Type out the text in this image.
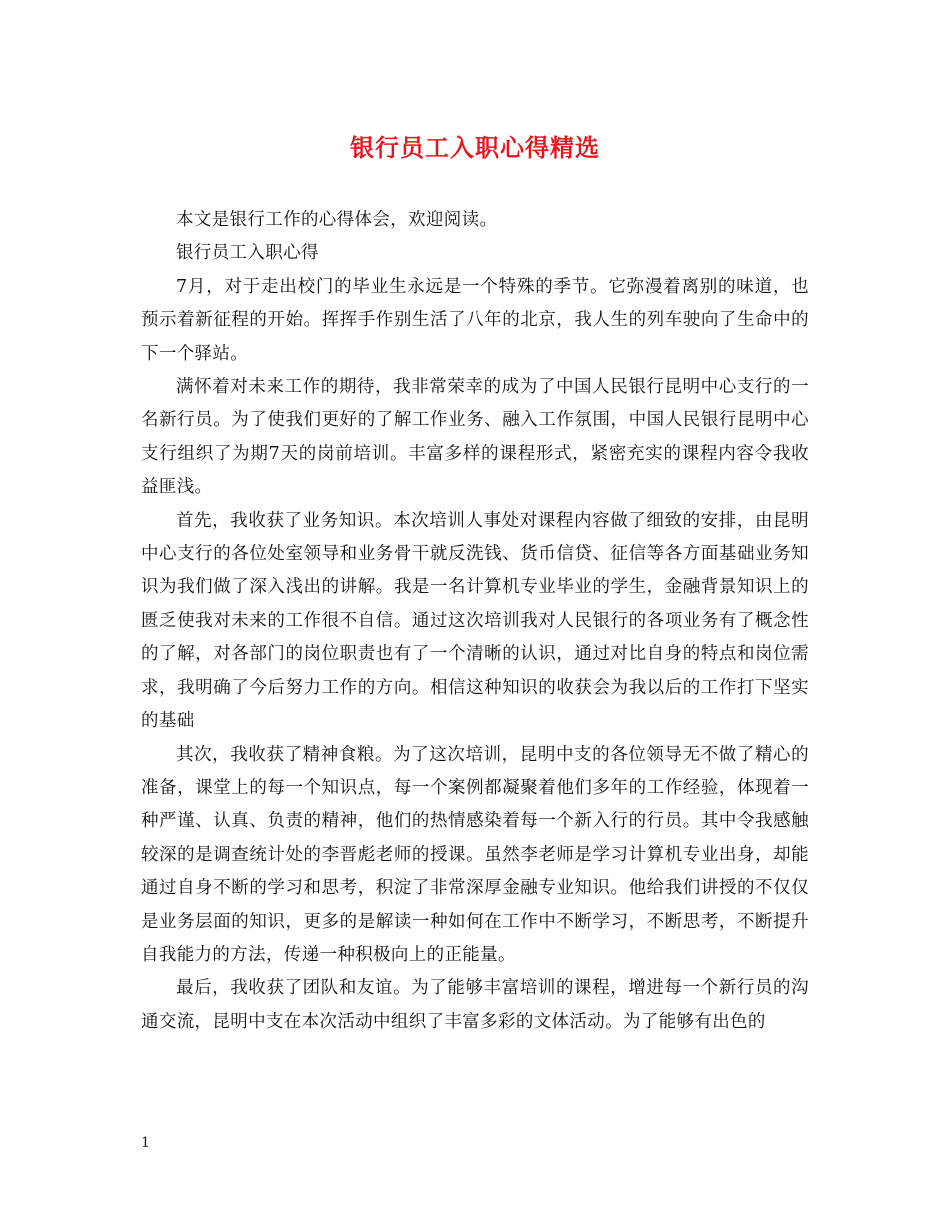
银行员工入职心得精选

本文是银行工作的心得体会，欢迎阅读。

银行员工入职心得

7月，对于走出校门的毕业生永远是一个特殊的季节。它弥漫着离别的味道，也预示着新征程的开始。挥挥手作别生活了八年的北京，我人生的列车驶向了生命中的下一个驿站。

满怀着对未来工作的期待，我非常荣幸的成为了中国人民银行昆明中心支行的一名新行员。为了使我们更好的了解工作业务、融入工作氛围，中国人民银行昆明中心支行组织了为期7天的岗前培训。丰富多样的课程形式，紧密充实的课程内容令我收益匪浅。

首先，我收获了业务知识。本次培训人事处对课程内容做了细致的安排，由昆明中心支行的各位处室领导和业务骨干就反洗钱、货币信贷、征信等各方面基础业务知识为我们做了深入浅出的讲解。我是一名计算机专业毕业的学生，金融背景知识上的匮乏使我对未来的工作很不自信。通过这次培训我对人民银行的各项业务有了概念性的了解，对各部门的岗位职责也有了一个清晰的认识，通过对比自身的特点和岗位需求，我明确了今后努力工作的方向。相信这种知识的收获会为我以后的工作打下坚实的基础

其次，我收获了精神食粮。为了这次培训，昆明中支的各位领导无不做了精心的准备，课堂上的每一个知识点，每一个案例都凝聚着他们多年的工作经验，体现着一种严谨、认真、负责的精神，他们的热情感染着每一个新入行的行员。其中令我感触较深的是调查统计处的李晋彪老师的授课。虽然李老师是学习计算机专业出身，却能通过自身不断的学习和思考，积淀了非常深厚金融专业知识。他给我们讲授的不仅仅是业务层面的知识，更多的是解读一种如何在工作中不断学习，不断思考，不断提升自我能力的方法，传递一种积极向上的正能量。

最后，我收获了团队和友谊。为了能够丰富培训的课程，增进每一个新行员的沟通交流，昆明中支在本次活动中组织了丰富多彩的文体活动。为了能够有出色的

1
